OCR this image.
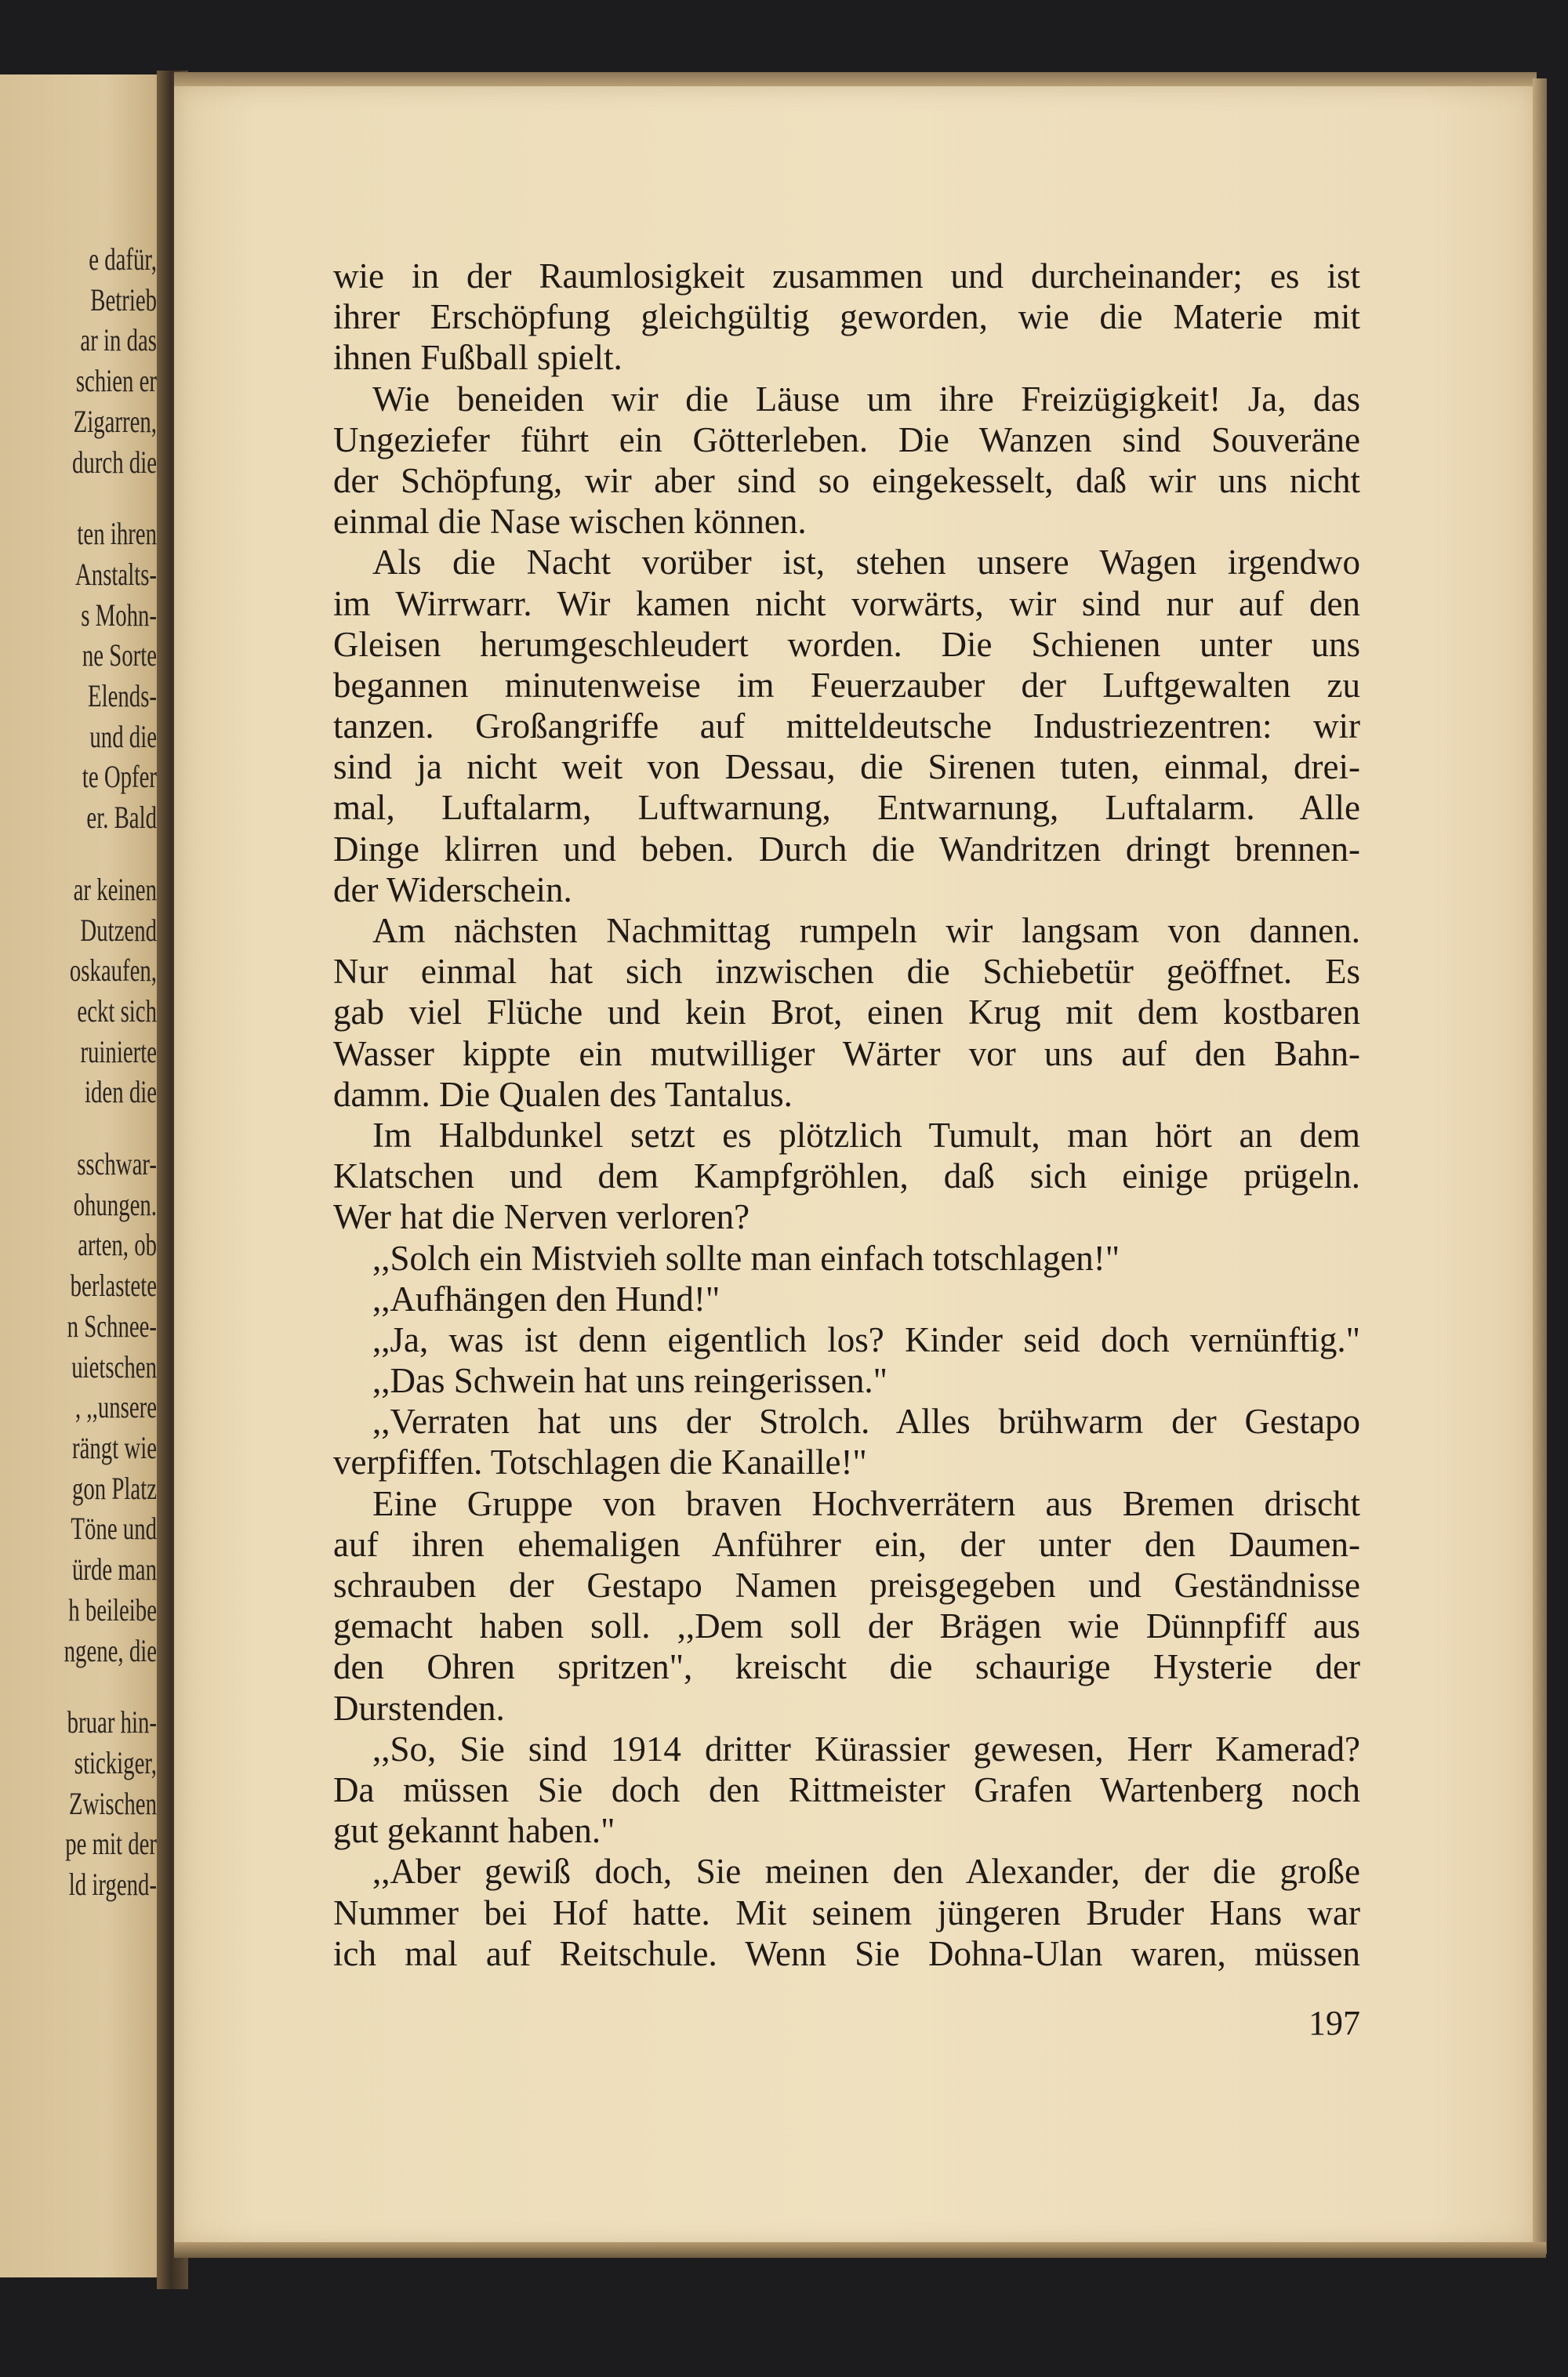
e dafür,
Betrieb
ar in das
schien er
Zigarren,
durch die
ten ihren
Anstalts-
s Mohn-
ne Sorte
Elends-
und die
te Opfer
er. Bald
ar keinen
Dutzend
oskaufen,
eckt sich
ruinierte
iden die
sschwar-
ohungen.
arten, ob
berlastete
n Schnee-
uietschen
, ,,unsere
rängt wie
gon Platz
Töne und
ürde man
h beileibe
ngene, die
bruar hin-
stickiger,
Zwischen
pe mit der
ld irgend-
wie in der Raumlosigkeit zusammen und durcheinander; es ist
ihrer Erschöpfung gleichgültig geworden, wie die Materie mit
ihnen Fußball spielt.
Wie beneiden wir die Läuse um ihre Freizügigkeit! Ja, das
Ungeziefer führt ein Götterleben. Die Wanzen sind Souveräne
der Schöpfung, wir aber sind so eingekesselt, daß wir uns nicht
einmal die Nase wischen können.
Als die Nacht vorüber ist, stehen unsere Wagen irgendwo
im Wirrwarr. Wir kamen nicht vorwärts, wir sind nur auf den
Gleisen herumgeschleudert worden. Die Schienen unter uns
begannen minutenweise im Feuerzauber der Luftgewalten zu
tanzen. Großangriffe auf mitteldeutsche Industriezentren: wir
sind ja nicht weit von Dessau, die Sirenen tuten, einmal, drei-
mal, Luftalarm, Luftwarnung, Entwarnung, Luftalarm. Alle
Dinge klirren und beben. Durch die Wandritzen dringt brennen-
der Widerschein.
Am nächsten Nachmittag rumpeln wir langsam von dannen.
Nur einmal hat sich inzwischen die Schiebetür geöffnet. Es
gab viel Flüche und kein Brot, einen Krug mit dem kostbaren
Wasser kippte ein mutwilliger Wärter vor uns auf den Bahn-
damm. Die Qualen des Tantalus.
Im Halbdunkel setzt es plötzlich Tumult, man hört an dem
Klatschen und dem Kampfgröhlen, daß sich einige prügeln.
Wer hat die Nerven verloren?
,,Solch ein Mistvieh sollte man einfach totschlagen!"
,,Aufhängen den Hund!"
,,Ja, was ist denn eigentlich los? Kinder seid doch vernünftig."
,,Das Schwein hat uns reingerissen."
,,Verraten hat uns der Strolch. Alles brühwarm der Gestapo
verpfiffen. Totschlagen die Kanaille!"
Eine Gruppe von braven Hochverrätern aus Bremen drischt
auf ihren ehemaligen Anführer ein, der unter den Daumen-
schrauben der Gestapo Namen preisgegeben und Geständnisse
gemacht haben soll. ,,Dem soll der Brägen wie Dünnpfiff aus
den Ohren spritzen", kreischt die schaurige Hysterie der
Durstenden.
,,So, Sie sind 1914 dritter Kürassier gewesen, Herr Kamerad?
Da müssen Sie doch den Rittmeister Grafen Wartenberg noch
gut gekannt haben."
,,Aber gewiß doch, Sie meinen den Alexander, der die große
Nummer bei Hof hatte. Mit seinem jüngeren Bruder Hans war
ich mal auf Reitschule. Wenn Sie Dohna-Ulan waren, müssen
197
